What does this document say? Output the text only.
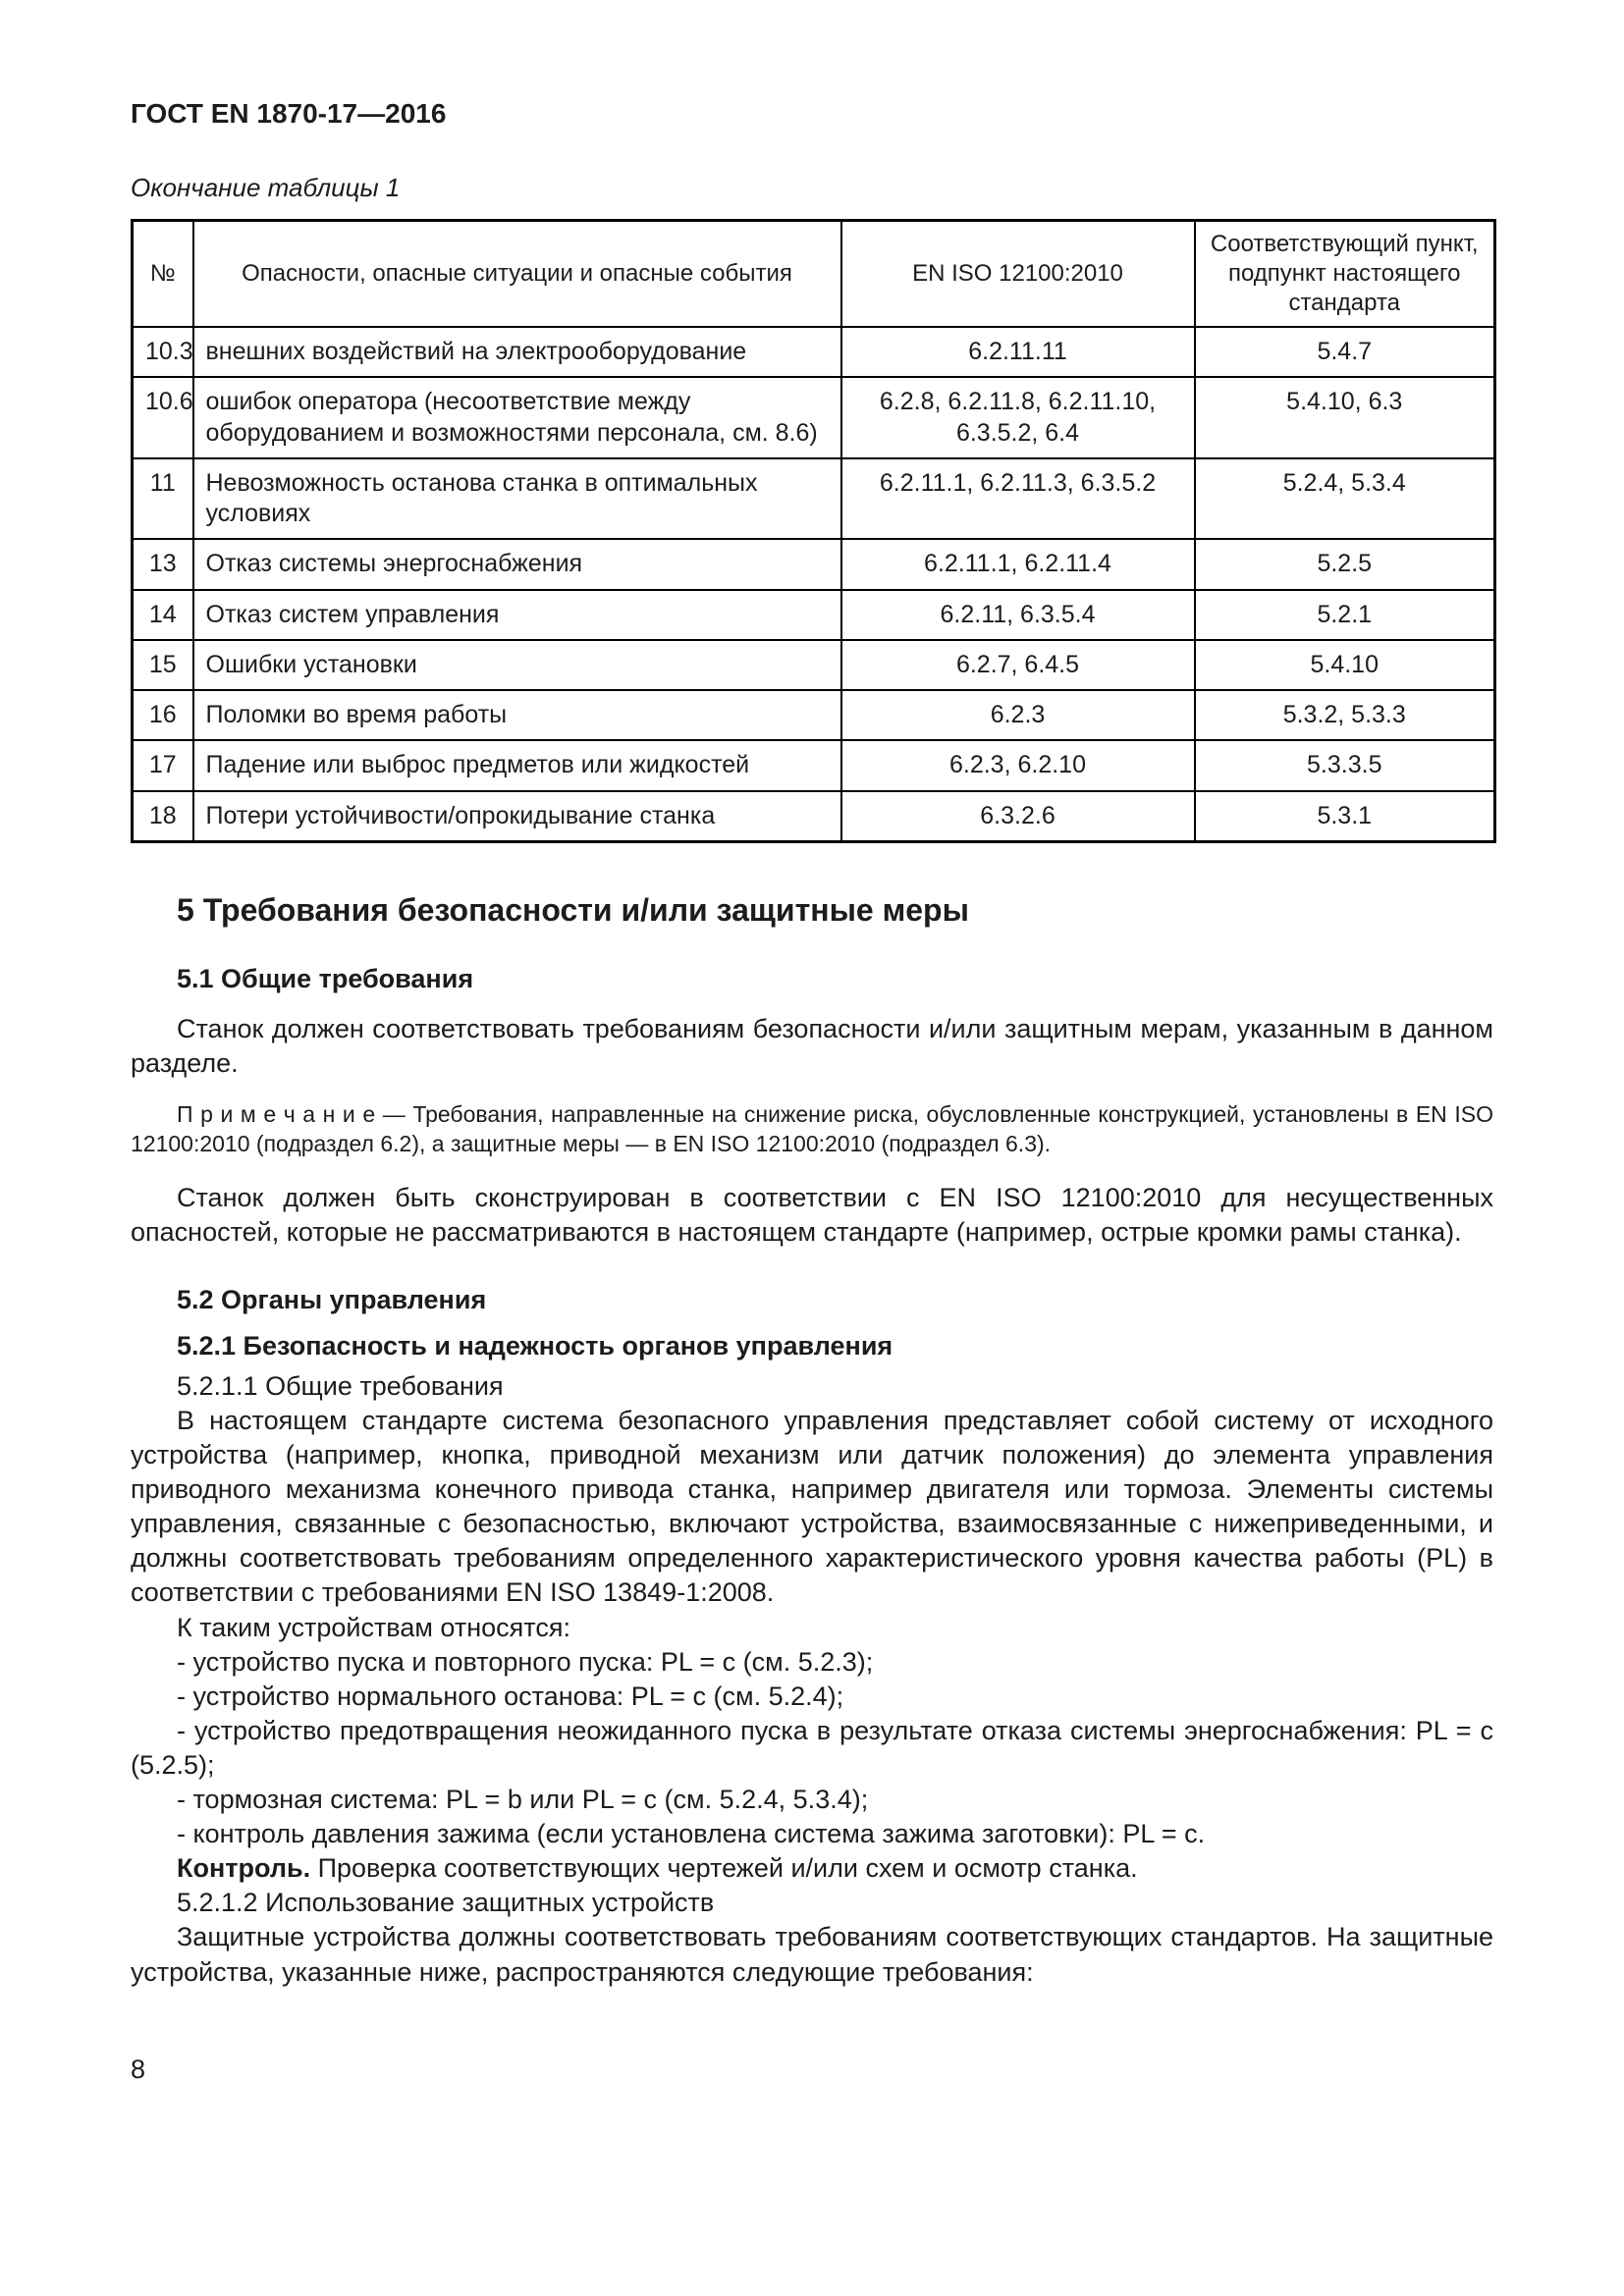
ГОСТ EN 1870-17—2016
Окончание таблицы 1
№	Опасности, опасные ситуации и опасные события	EN ISO 12100:2010	Соответствующий пункт, подпункт настоящего стандарта
10.3	внешних воздействий на электрооборудование	6.2.11.11	5.4.7
10.6	ошибок оператора (несоответствие между оборудованием и возможностями персонала, см. 8.6)	6.2.8, 6.2.11.8, 6.2.11.10, 6.3.5.2, 6.4	5.4.10, 6.3
11	Невозможность останова станка в оптимальных условиях	6.2.11.1, 6.2.11.3, 6.3.5.2	5.2.4, 5.3.4
13	Отказ системы энергоснабжения	6.2.11.1, 6.2.11.4	5.2.5
14	Отказ систем управления	6.2.11, 6.3.5.4	5.2.1
15	Ошибки установки	6.2.7, 6.4.5	5.4.10
16	Поломки во время работы	6.2.3	5.3.2, 5.3.3
17	Падение или выброс предметов или жидкостей	6.2.3, 6.2.10	5.3.3.5
18	Потери устойчивости/опрокидывание станка	6.3.2.6	5.3.1
5 Требования безопасности и/или защитные меры
5.1 Общие требования

Станок должен соответствовать требованиям безопасности и/или защитным мерам, указанным в данном разделе.

П р и м е ч а н и е — Требования, направленные на снижение риска, обусловленные конструкцией, установлены в EN ISO 12100:2010 (подраздел 6.2), а защитные меры — в EN ISO 12100:2010 (подраздел 6.3).

Станок должен быть сконструирован в соответствии с EN ISO 12100:2010 для несущественных опасностей, которые не рассматриваются в настоящем стандарте (например, острые кромки рамы станка).

5.2 Органы управления
5.2.1 Безопасность и надежность органов управления

5.2.1.1 Общие требования

В настоящем стандарте система безопасного управления представляет собой систему от исходного устройства (например, кнопка, приводной механизм или датчик положения) до элемента управления приводного механизма конечного привода станка, например двигателя или тормоза. Элементы системы управления, связанные с безопасностью, включают устройства, взаимосвязанные с нижеприведенными, и должны соответствовать требованиям определенного характеристического уровня качества работы (PL) в соответствии с требованиями EN ISO 13849-1:2008.

К таким устройствам относятся:

- устройство пуска и повторного пуска: PL = c (см. 5.2.3);

- устройство нормального останова: PL = c (см. 5.2.4);

- устройство предотвращения неожиданного пуска в результате отказа системы энергоснабжения: PL = c (5.2.5);

- тормозная система: PL = b или PL = c (см. 5.2.4, 5.3.4);

- контроль давления зажима (если установлена система зажима заготовки): PL = c.

Контроль. Проверка соответствующих чертежей и/или схем и осмотр станка.

5.2.1.2 Использование защитных устройств

Защитные устройства должны соответствовать требованиям соответствующих стандартов. На защитные устройства, указанные ниже, распространяются следующие требования:

8
